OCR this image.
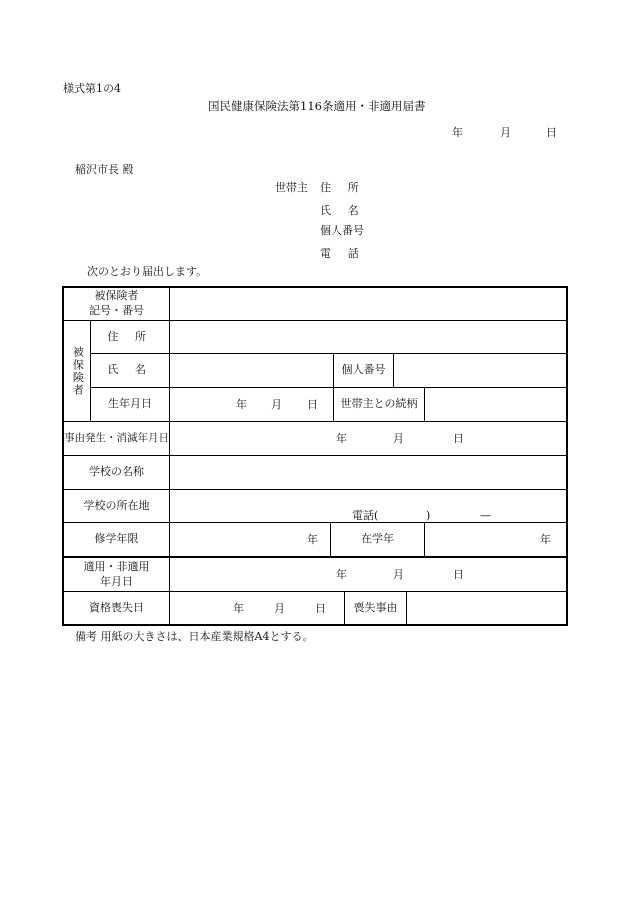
様式第1の4
国民健康保険法第116条適用・非適用届書
年	月	日
稲沢市長 殿
世帯主 住 所
氏 名
個人番号
電 話
次のとおり届出します。
被保険者
記号・番号
被保険者
住 所
氏 名	個人番号
生年月日	年 月 日	世帯主との続柄
事由発生・消滅年月日	年	月	日
学校の名称
学校の所在地
電話(	)	—
修学年限	年	在学年	年
適用・非適用
年月日	年	月	日
資格喪失日	年	月	日	喪失事由
備考 用紙の大きさは、日本産業規格A4とする。
